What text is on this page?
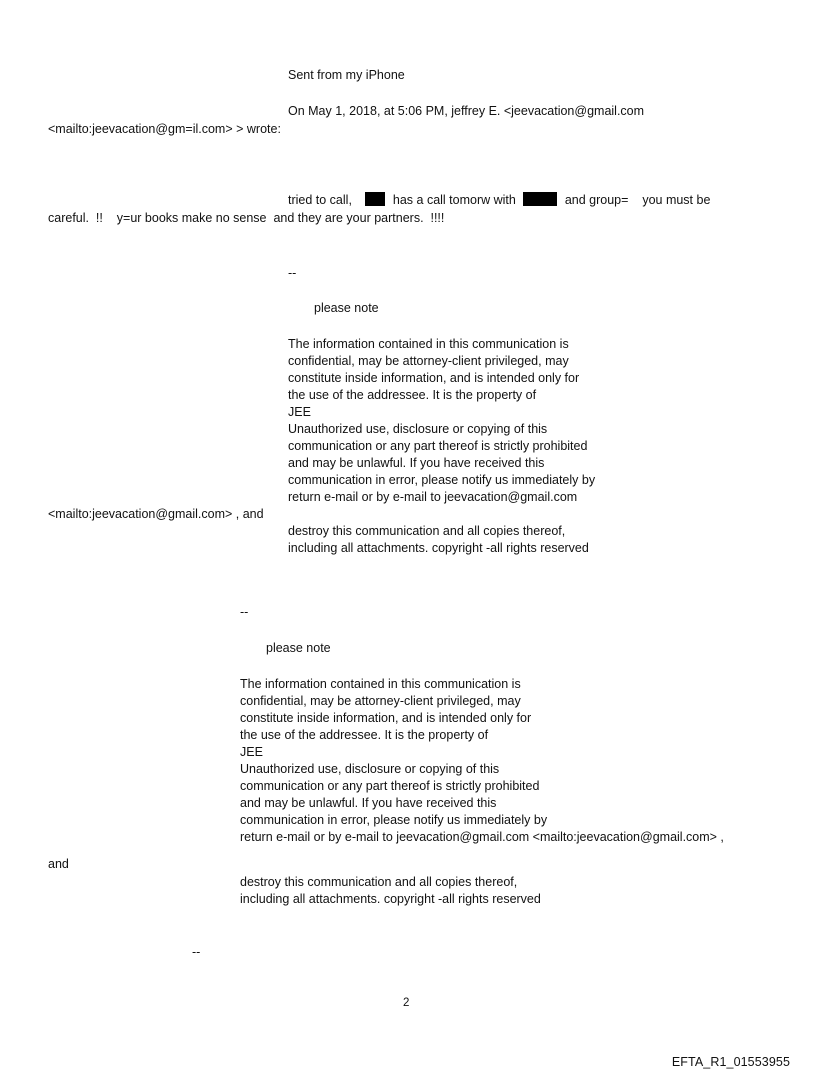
Sent from my iPhone
On May 1, 2018, at 5:06 PM, jeffrey E. <jeevacation@gmail.com
<mailto:jeevacation@gm=il.com> > wrote:
tried to call,	has a call tomorw with	and group=    you must be
careful.  !!    y=ur books make no sense  and they are your partners.  !!!!
--
please note
The information contained in this communication is
confidential, may be attorney-client privileged, may
constitute inside information, and is intended only for
the use of the addressee. It is the property of
JEE
Unauthorized use, disclosure or copying of this
communication or any part thereof is strictly prohibited
and may be unlawful. If you have received this
communication in error, please notify us immediately by
return e-mail or by e-mail to jeevacation@gmail.com
<mailto:jeevacation@gmail.com> , and
destroy this communication and all copies thereof,
including all attachments. copyright -all rights reserved
--
please note
The information contained in this communication is
confidential, may be attorney-client privileged, may
constitute inside information, and is intended only for
the use of the addressee. It is the property of
JEE
Unauthorized use, disclosure or copying of this
communication or any part thereof is strictly prohibited
and may be unlawful. If you have received this
communication in error, please notify us immediately by
return e-mail or by e-mail to jeevacation@gmail.com <mailto:jeevacation@gmail.com> ,
and
destroy this communication and all copies thereof,
including all attachments. copyright -all rights reserved
--
2
EFTA_R1_01553955
